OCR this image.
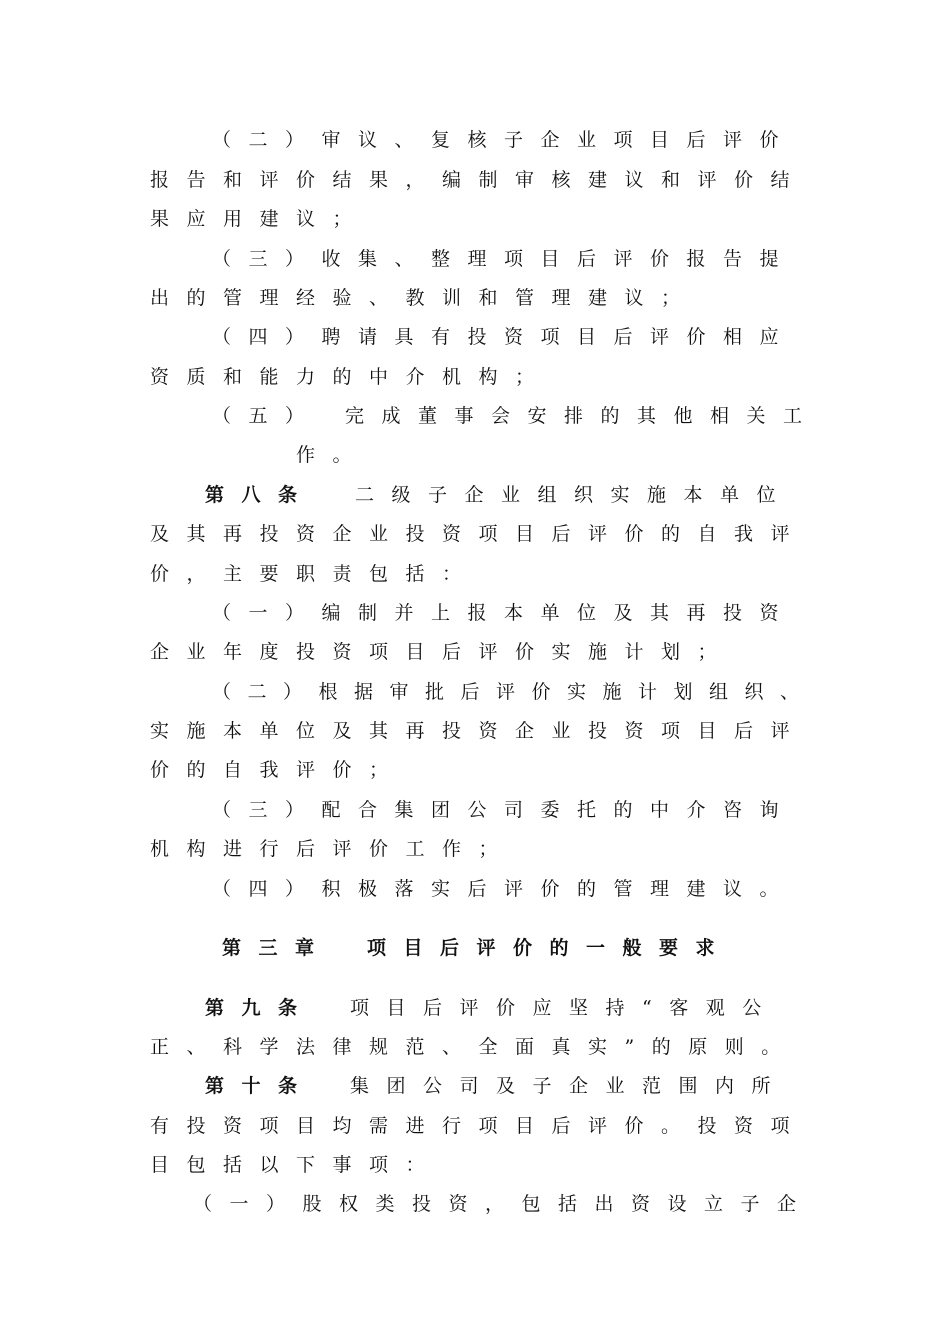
（二）审议、复核子企业项目后评价
报告和评价结果，编制审核建议和评价结
果应用建议；
（三）收集、整理项目后评价报告提
出的管理经验、教训和管理建议；
（四）聘请具有投资项目后评价相应
资质和能力的中介机构；
（五） 完成董事会安排的其他相关工
作。
第八条 二级子企业组织实施本单位
及其再投资企业投资项目后评价的自我评
价，主要职责包括：
（一）编制并上报本单位及其再投资
企业年度投资项目后评价实施计划；
（二）根据审批后评价实施计划组织、
实施本单位及其再投资企业投资项目后评
价的自我评价；
（三）配合集团公司委托的中介咨询
机构进行后评价工作；
（四）积极落实后评价的管理建议。
第三章 项目后评价的一般要求
第九条 项目后评价应坚持“客观公
正、科学法律规范、全面真实”的原则。
第十条 集团公司及子企业范围内所
有投资项目均需进行项目后评价。投资项
目包括以下事项：
（一）股权类投资，包括出资设立子企
